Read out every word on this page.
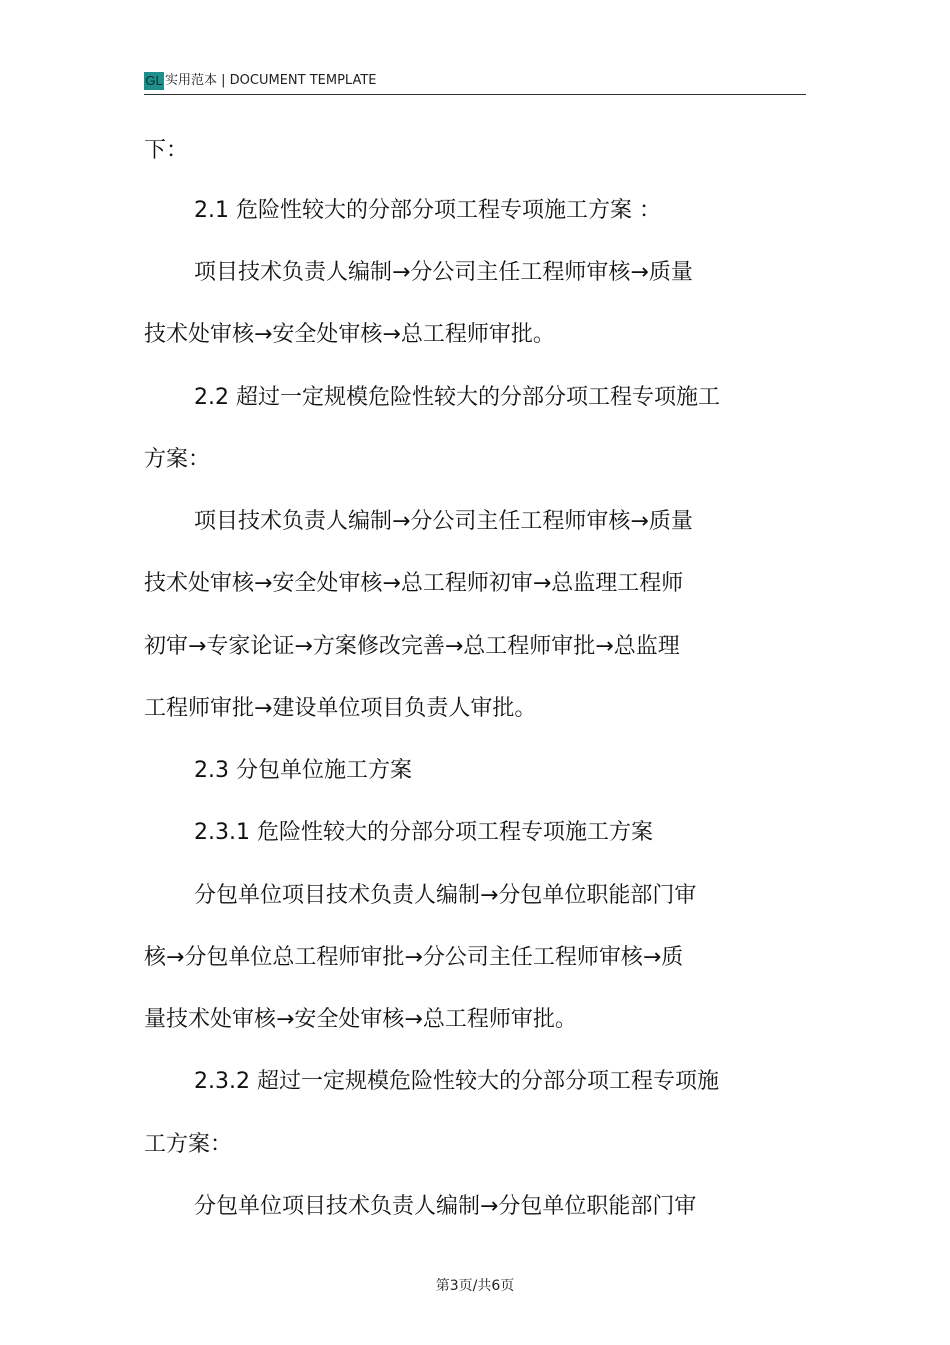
GL 实用范本 | DOCUMENT TEMPLATE
下：
2.1 危险性较大的分部分项工程专项施工方案 ：
项目技术负责人编制→分公司主任工程师审核→质量
技术处审核→安全处审核→总工程师审批。
2.2 超过一定规模危险性较大的分部分项工程专项施工
方案：
项目技术负责人编制→分公司主任工程师审核→质量
技术处审核→安全处审核→总工程师初审→总监理工程师
初审→专家论证→方案修改完善→总工程师审批→总监理
工程师审批→建设单位项目负责人审批。
2.3 分包单位施工方案
2.3.1 危险性较大的分部分项工程专项施工方案
分包单位项目技术负责人编制→分包单位职能部门审
核→分包单位总工程师审批→分公司主任工程师审核→质
量技术处审核→安全处审核→总工程师审批。
2.3.2 超过一定规模危险性较大的分部分项工程专项施
工方案：
分包单位项目技术负责人编制→分包单位职能部门审
第3页/共6页
